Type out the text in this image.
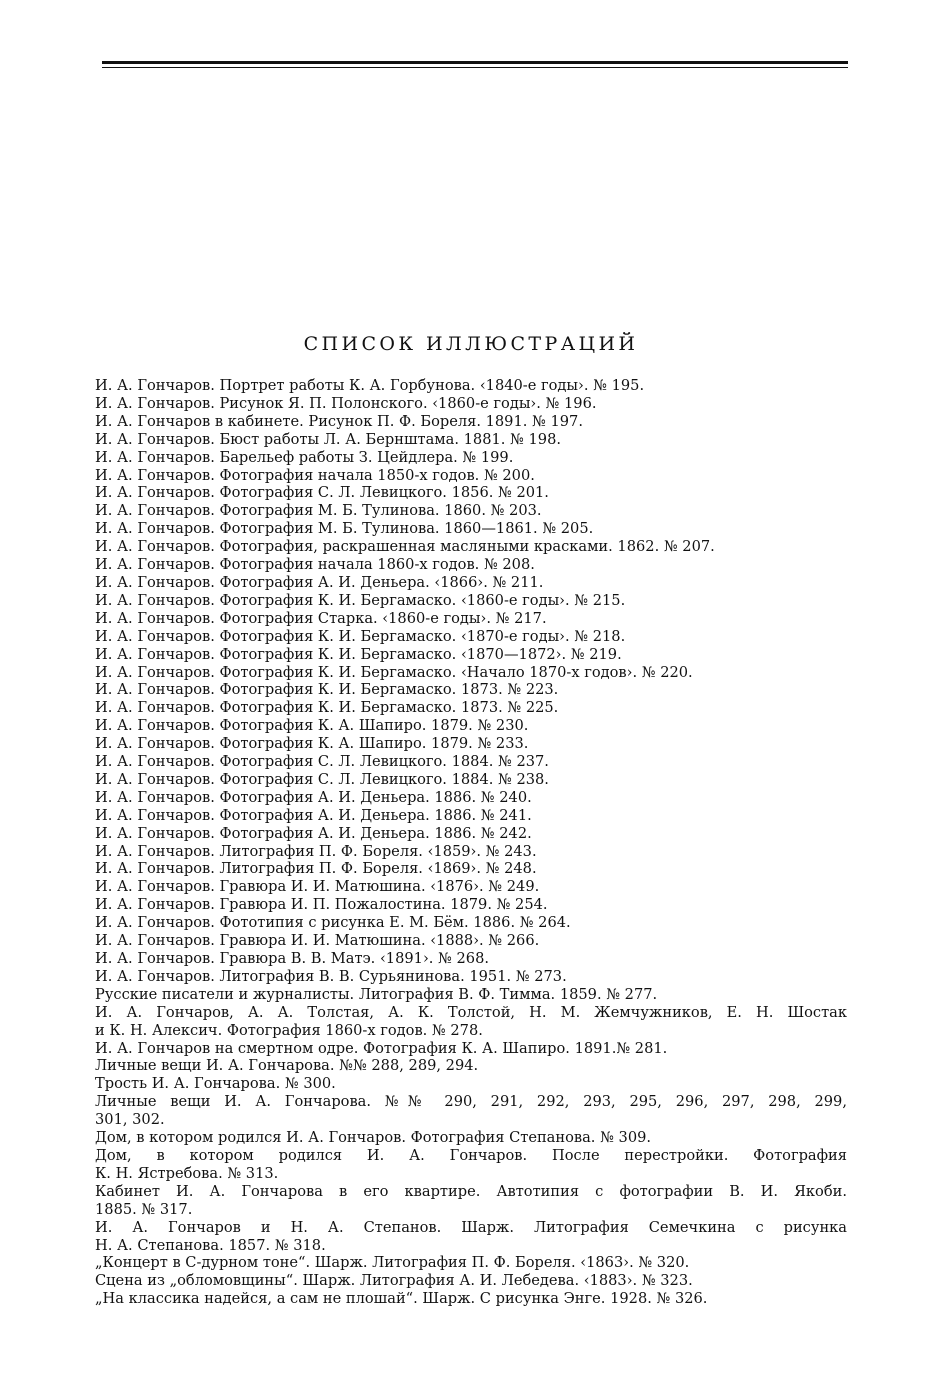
СПИСОК ИЛЛЮСТРАЦИЙ
И. А. Гончаров. Портрет работы К. А. Горбунова. ‹1840-е годы›. № 195.
И. А. Гончаров. Рисунок Я. П. Полонского. ‹1860-е годы›. № 196.
И. А. Гончаров в кабинете. Рисунок П. Ф. Бореля. 1891. № 197.
И. А. Гончаров. Бюст работы Л. А. Бернштама. 1881. № 198.
И. А. Гончаров. Барельеф работы З. Цейдлера. № 199.
И. А. Гончаров. Фотография начала 1850-х годов. № 200.
И. А. Гончаров. Фотография С. Л. Левицкого. 1856. № 201.
И. А. Гончаров. Фотография М. Б. Тулинова. 1860. № 203.
И. А. Гончаров. Фотография М. Б. Тулинова. 1860—1861. № 205.
И. А. Гончаров. Фотография, раскрашенная масляными красками. 1862. № 207.
И. А. Гончаров. Фотография начала 1860-х годов. № 208.
И. А. Гончаров. Фотография А. И. Деньера. ‹1866›. № 211.
И. А. Гончаров. Фотография К. И. Бергамаско. ‹1860-е годы›. № 215.
И. А. Гончаров. Фотография Старка. ‹1860-е годы›. № 217.
И. А. Гончаров. Фотография К. И. Бергамаско. ‹1870-е годы›. № 218.
И. А. Гончаров. Фотография К. И. Бергамаско. ‹1870—1872›. № 219.
И. А. Гончаров. Фотография К. И. Бергамаско. ‹Начало 1870-х годов›. № 220.
И. А. Гончаров. Фотография К. И. Бергамаско. 1873. № 223.
И. А. Гончаров. Фотография К. И. Бергамаско. 1873. № 225.
И. А. Гончаров. Фотография К. А. Шапиро. 1879. № 230.
И. А. Гончаров. Фотография К. А. Шапиро. 1879. № 233.
И. А. Гончаров. Фотография С. Л. Левицкого. 1884. № 237.
И. А. Гончаров. Фотография С. Л. Левицкого. 1884. № 238.
И. А. Гончаров. Фотография А. И. Деньера. 1886. № 240.
И. А. Гончаров. Фотография А. И. Деньера. 1886. № 241.
И. А. Гончаров. Фотография А. И. Деньера. 1886. № 242.
И. А. Гончаров. Литография П. Ф. Бореля. ‹1859›. № 243.
И. А. Гончаров. Литография П. Ф. Бореля. ‹1869›. № 248.
И. А. Гончаров. Гравюра И. И. Матюшина. ‹1876›. № 249.
И. А. Гончаров. Гравюра И. П. Пожалостина. 1879. № 254.
И. А. Гончаров. Фототипия с рисунка Е. М. Бём. 1886. № 264.
И. А. Гончаров. Гравюра И. И. Матюшина. ‹1888›. № 266.
И. А. Гончаров. Гравюра В. В. Матэ. ‹1891›. № 268.
И. А. Гончаров. Литография В. В. Сурьянинова. 1951. № 273.
Русские писатели и журналисты. Литография В. Ф. Тимма. 1859. № 277.
И. А. Гончаров, А. А. Толстая, А. К. Толстой, Н. М. Жемчужников, Е. Н. Шостак
и К. Н. Алексич. Фотография 1860-х годов. № 278.
И. А. Гончаров на смертном одре. Фотография К. А. Шапиро. 1891.№ 281.
Личные вещи И. А. Гончарова. №№ 288, 289, 294.
Трость И. А. Гончарова. № 300.
Личные вещи И. А. Гончарова. №№ 290, 291, 292, 293, 295, 296, 297, 298, 299,
301, 302.
Дом, в котором родился И. А. Гончаров. Фотография Степанова. № 309.
Дом, в котором родился И. А. Гончаров. После перестройки. Фотография
К. Н. Ястребова. № 313.
Кабинет И. А. Гончарова в его квартире. Автотипия с фотографии В. И. Якоби.
1885. № 317.
И. А. Гончаров и Н. А. Степанов. Шарж. Литография Семечкина с рисунка
Н. А. Степанова. 1857. № 318.
„Концерт в С-дурном тоне“. Шарж. Литография П. Ф. Бореля. ‹1863›. № 320.
Сцена из „обломовщины“. Шарж. Литография А. И. Лебедева. ‹1883›. № 323.
„На классика надейся, а сам не плошай“. Шарж. С рисунка Энге. 1928. № 326.
